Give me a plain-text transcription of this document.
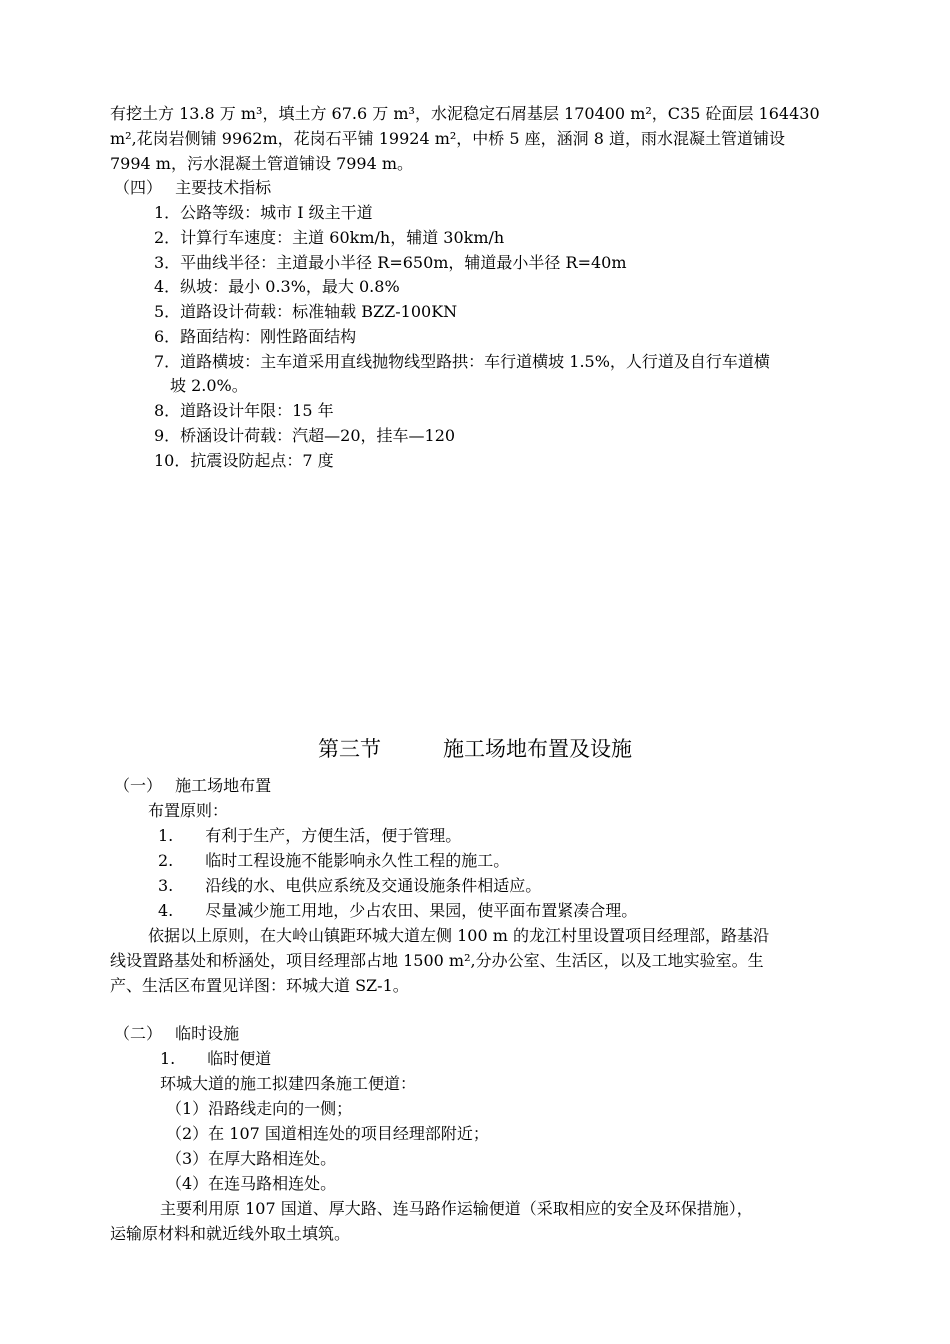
有挖土方 13.8 万 m³，填土方 67.6 万 m³，水泥稳定石屑基层 170400 m²，C35 砼面层 164430
m²,花岗岩侧铺 9962m，花岗石平铺 19924 m²，中桥 5 座，涵洞 8 道，雨水混凝土管道铺设
7994 m，污水混凝土管道铺设 7994 m。
（四）　 主要技术指标
1．公路等级：城市 I 级主干道
2．计算行车速度：主道 60km/h，辅道 30km/h
3．平曲线半径：主道最小半径 R=650m，辅道最小半径 R=40m
4．纵坡：最小 0.3%，最大 0.8%
5．道路设计荷载：标准轴载 BZZ-100KN
6．路面结构：刚性路面结构
7．道路横坡：主车道采用直线抛物线型路拱：车行道横坡 1.5%，人行道及自行车道横
坡 2.0%。
8．道路设计年限：15 年
9．桥涵设计荷载：汽超—20，挂车—120
10．抗震设防起点：7 度
第三节	施工场地布置及设施
（一）　 施工场地布置
布置原则：
1.　　有利于生产，方便生活，便于管理。
2.　　临时工程设施不能影响永久性工程的施工。
3.　　沿线的水、电供应系统及交通设施条件相适应。
4.　　尽量减少施工用地，少占农田、果园，使平面布置紧凑合理。
依据以上原则，在大岭山镇距环城大道左侧 100 m 的龙江村里设置项目经理部，路基沿
线设置路基处和桥涵处，项目经理部占地 1500 m²,分办公室、生活区，以及工地实验室。生
产、生活区布置见详图：环城大道 SZ-1。
（二）　 临时设施
1.　　临时便道
环城大道的施工拟建四条施工便道：
（1）沿路线走向的一侧；
（2）在 107 国道相连处的项目经理部附近；
（3）在厚大路相连处。
（4）在连马路相连处。
主要利用原 107 国道、厚大路、连马路作运输便道（采取相应的安全及环保措施），
运输原材料和就近线外取土填筑。
